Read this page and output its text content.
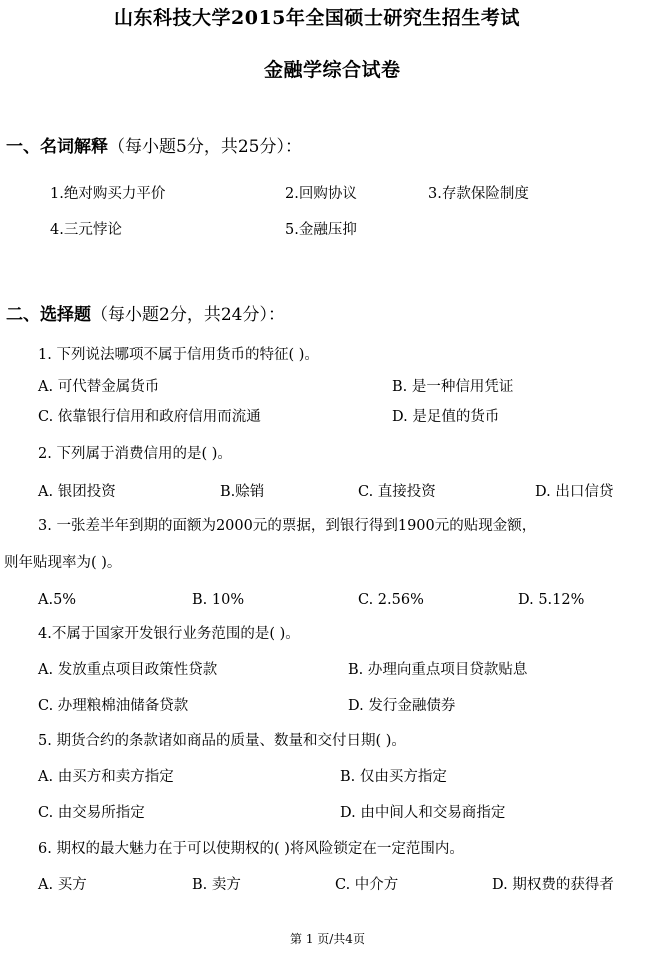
山东科技大学2015年全国硕士研究生招生考试
金融学综合试卷
一、名词解释（每小题5分，共25分）：
1.绝对购买力平价	2.回购协议	3.存款保险制度
4.三元悖论	5.金融压抑
二、选择题（每小题2分，共24分）：
1. 下列说法哪项不属于信用货币的特征( )。
A. 可代替金属货币	B. 是一种信用凭证
C. 依靠银行信用和政府信用而流通	D. 是足值的货币
2. 下列属于消费信用的是( )。
A. 银团投资	B.赊销	C. 直接投资	D. 出口信贷
3. 一张差半年到期的面额为2000元的票据，到银行得到1900元的贴现金额，
则年贴现率为( )。
A.5%	B. 10%	C. 2.56%	D. 5.12%
4.不属于国家开发银行业务范围的是( )。
A. 发放重点项目政策性贷款	B. 办理向重点项目贷款贴息
C. 办理粮棉油储备贷款	D. 发行金融债券
5. 期货合约的条款诸如商品的质量、数量和交付日期( )。
A. 由买方和卖方指定	B. 仅由买方指定
C. 由交易所指定	D. 由中间人和交易商指定
6. 期权的最大魅力在于可以使期权的( )将风险锁定在一定范围内。
A. 买方	B. 卖方	C. 中介方	D. 期权费的获得者
第 1 页/共4页
